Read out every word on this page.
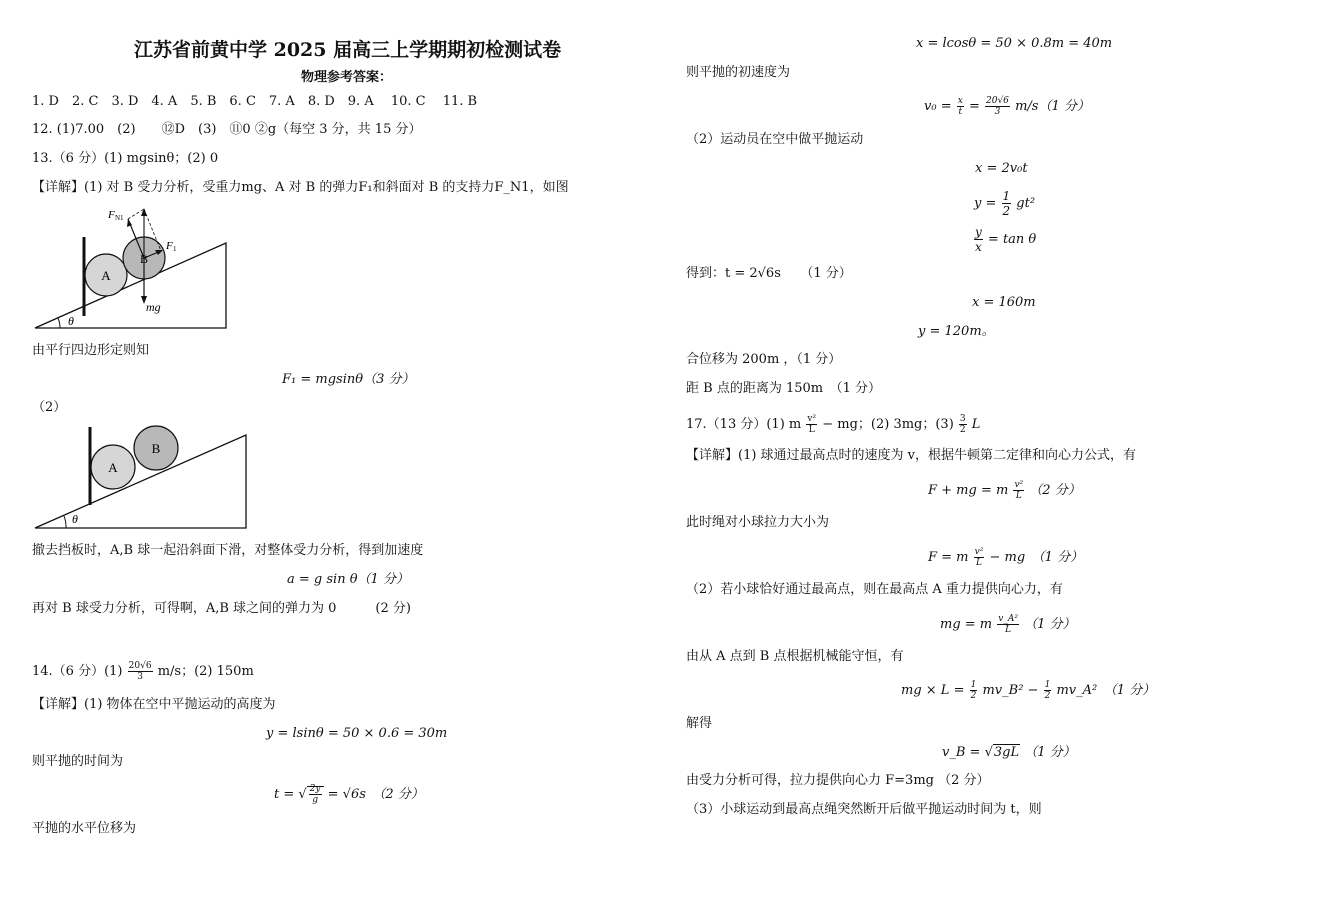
江苏省前黄中学 2025 届高三上学期期初检测试卷
物理参考答案：
1. D　2. C　3. D　4. A　5. B　6. C　7. A　8. D　9. A　 10. C　 11. B
12. (1)7.00　(2)　　⑫D　(3)　⑪0 ②g（每空 3 分，共 15 分）
13.（6 分）(1) mgsinθ；(2) 0
【详解】(1) 对 B 受力分析，受重力mg、A 对 B 的弹力F₁和斜面对 B 的支持力F_N1，如图
A
B
F N1
F 1
mg
θ
由平行四边形定则知
F₁ = mgsinθ（3 分）
（2）
A
B
θ
撤去挡板时，A,B 球一起沿斜面下滑，对整体受力分析，得到加速度
a = g sin θ（1 分）
再对 B 球受力分析，可得啊，A,B 球之间的弹力为 0　　　(2 分)
14.（6 分）$(1) \frac{20√6}{3} m/s$；(2) 150m
【详解】(1) 物体在空中平抛运动的高度为
y = lsinθ = 50 × 0.6 = 30m
则平抛的时间为
t = √ $\frac{2y}{g} = √6s$　（2 分）
平抛的水平位移为
x = lcosθ = 50 × 0.8m = 40m
则平抛的初速度为
$v_0 = \frac{x}{t} = \frac{20√6}{3} m/s(1$ 分）
（2）运动员在空中做平抛运动
x = 2v₀t
$y = \frac{1}{2} gt^2$
$\frac{y}{x} = \tan \theta$
得到：t = 2√6s　　（1 分）
x = 160m
y = 120m。
合位移为 200m ，（1 分）
距 B 点的距离为 150m　（1 分）
17.（13 分）(1) m $\frac{\text{v²}}{L}$ − mg；(2) 3mg；$(3) \frac{3}{2}$ L
【详解】(1) 球通过最高点时的速度为 v，根据牛顿第二定律和向心力公式，有
F + mg = m $\frac{\text{v²}}{L} (2$ 分）
此时绳对小球拉力大小为
F = m $\frac{\text{v²}}{L}$ − mg　（1 分）
（2）若小球恰好通过最高点，则在最高点 A 重力提供向心力，有
mg = m $\frac{\text{v\_A²}}{L} (1$ 分）
由从 A 点到 B 点根据机械能守恒，有
mg × $L = \frac{1}{2}$ mv_B² − $\frac{1}{2}$ mv_A²　（1 分）
解得
v_B = √3gL （1 分）
由受力分析可得，拉力提供向心力 F=3mg （2 分）
（3）小球运动到最高点绳突然断开后做平抛运动时间为 t，则
